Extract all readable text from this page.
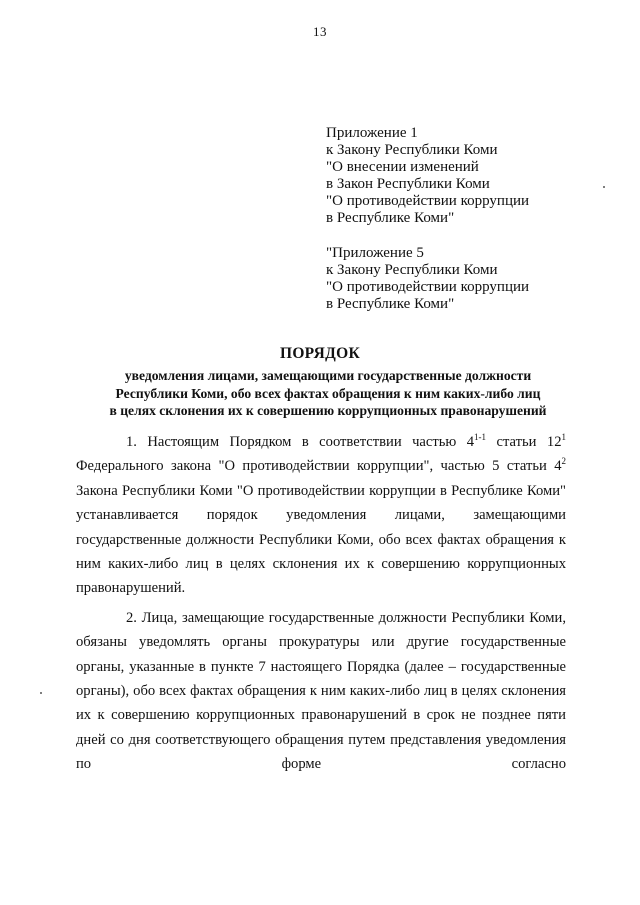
13
Приложение 1
к Закону Республики Коми
"О внесении изменений
в Закон Республики Коми
"О противодействии коррупции
в Республике Коми"
"Приложение 5
к Закону Республики Коми
"О противодействии коррупции
в Республике Коми"
ПОРЯДОК
уведомления лицами, замещающими государственные должности
Республики Коми, обо всех фактах обращения к ним каких-либо лиц
в целях склонения их к совершению коррупционных правонарушений

1. Настоящим Порядком в соответствии частью 4$^{1-1}$ статьи $12^1$ Федерального закона "О противодействии коррупции", частью 5 статьи $4^2$ Закона Республики Коми "О противодействии коррупции в Республике Коми" устанавливается порядок уведомления лицами, замещающими государственные должности Республики Коми, обо всех фактах обращения к ним каких-либо лиц в целях склонения их к совершению коррупционных правонарушений.

2. Лица, замещающие государственные должности Республики Коми, обязаны уведомлять органы прокуратуры или другие государственные органы, указанные в пункте 7 настоящего Порядка (далее – государственные органы), обо всех фактах обращения к ним каких-либо лиц в целях склонения их к совершению коррупционных правонарушений в срок не позднее пяти дней со дня соответствующего обращения путем представления уведомления по форме согласно
